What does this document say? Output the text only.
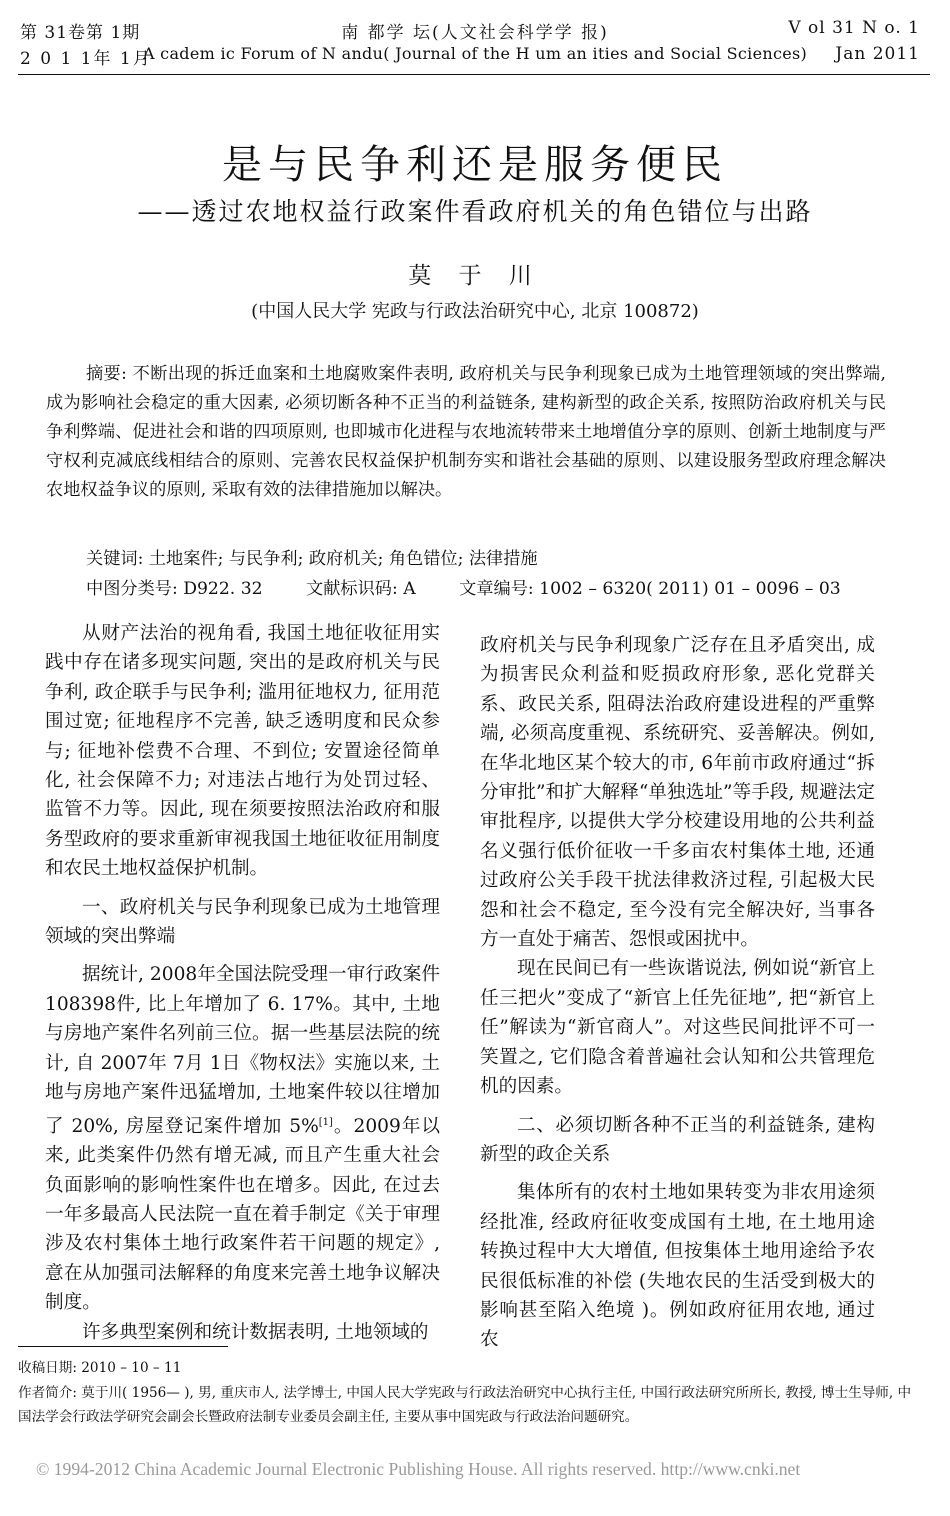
第 31卷第 1期
2 0 1 1年 1月
南 都学 坛(人文社会科学学 报)
A cadem ic Forum of N andu( Journal of the H um an ities and Social Sciences)
V ol 31 N o. 1
Jan 2011
是与民争利还是服务便民
——透过农地权益行政案件看政府机关的角色错位与出路
莫 于 川
(中国人民大学 宪政与行政法治研究中心, 北京 100872)
摘要: 不断出现的拆迁血案和土地腐败案件表明, 政府机关与民争利现象已成为土地管理领域的突出弊端, 成为影响社会稳定的重大因素, 必须切断各种不正当的利益链条, 建构新型的政企关系, 按照防治政府机关与民争利弊端、促进社会和谐的四项原则, 也即城市化进程与农地流转带来土地增值分享的原则、创新土地制度与严守权利克减底线相结合的原则、完善农民权益保护机制夯实和谐社会基础的原则、以建设服务型政府理念解决农地权益争议的原则, 采取有效的法律措施加以解决。
关键词: 土地案件; 与民争利; 政府机关; 角色错位; 法律措施
中图分类号: D922. 32	文献标识码: A	文章编号: 1002 – 6320( 2011) 01 – 0096 – 03

从财产法治的视角看, 我国土地征收征用实践中存在诸多现实问题, 突出的是政府机关与民争利, 政企联手与民争利; 滥用征地权力, 征用范围过宽; 征地程序不完善, 缺乏透明度和民众参与; 征地补偿费不合理、不到位; 安置途径简单化, 社会保障不力; 对违法占地行为处罚过轻、监管不力等。因此, 现在须要按照法治政府和服务型政府的要求重新审视我国土地征收征用制度和农民土地权益保护机制。

一、政府机关与民争利现象已成为土地管理领域的突出弊端

据统计, 2008年全国法院受理一审行政案件 108398件, 比上年增加了 6. 17%。其中, 土地与房地产案件名列前三位。据一些基层法院的统计, 自 2007年 7月 1日《物权法》实施以来, 土地与房地产案件迅猛增加, 土地案件较以往增加了 20%, 房屋登记案件增加 5%[1]。2009年以来, 此类案件仍然有增无减, 而且产生重大社会负面影响的影响性案件也在增多。因此, 在过去一年多最高人民法院一直在着手制定《关于审理涉及农村集体土地行政案件若干问题的规定》, 意在从加强司法解释的角度来完善土地争议解决制度。

许多典型案例和统计数据表明, 土地领域的

政府机关与民争利现象广泛存在且矛盾突出, 成为损害民众利益和贬损政府形象, 恶化党群关系、政民关系, 阻碍法治政府建设进程的严重弊端, 必须高度重视、系统研究、妥善解决。例如, 在华北地区某个较大的市, 6年前市政府通过“拆分审批”和扩大解释“单独选址”等手段, 规避法定审批程序, 以提供大学分校建设用地的公共利益名义强行低价征收一千多亩农村集体土地, 还通过政府公关手段干扰法律救济过程, 引起极大民怨和社会不稳定, 至今没有完全解决好, 当事各方一直处于痛苦、怨恨或困扰中。

现在民间已有一些诙谐说法, 例如说“新官上任三把火”变成了“新官上任先征地”, 把“新官上任”解读为“新官商人”。对这些民间批评不可一笑置之, 它们隐含着普遍社会认知和公共管理危机的因素。

二、必须切断各种不正当的利益链条, 建构新型的政企关系

集体所有的农村土地如果转变为非农用途须经批准, 经政府征收变成国有土地, 在土地用途转换过程中大大增值, 但按集体土地用途给予农民很低标准的补偿 (失地农民的生活受到极大的影响甚至陷入绝境 )。例如政府征用农地, 通过农

收稿日期: 2010 – 10 – 11
作者简介: 莫于川( 1956— ), 男, 重庆市人, 法学博士, 中国人民大学宪政与行政法治研究中心执行主任, 中国行政法研究所所长, 教授, 博士生导师, 中国法学会行政法学研究会副会长暨政府法制专业委员会副主任, 主要从事中国宪政与行政法治问题研究。
© 1994-2012 China Academic Journal Electronic Publishing House. All rights reserved. http://www.cnki.net
